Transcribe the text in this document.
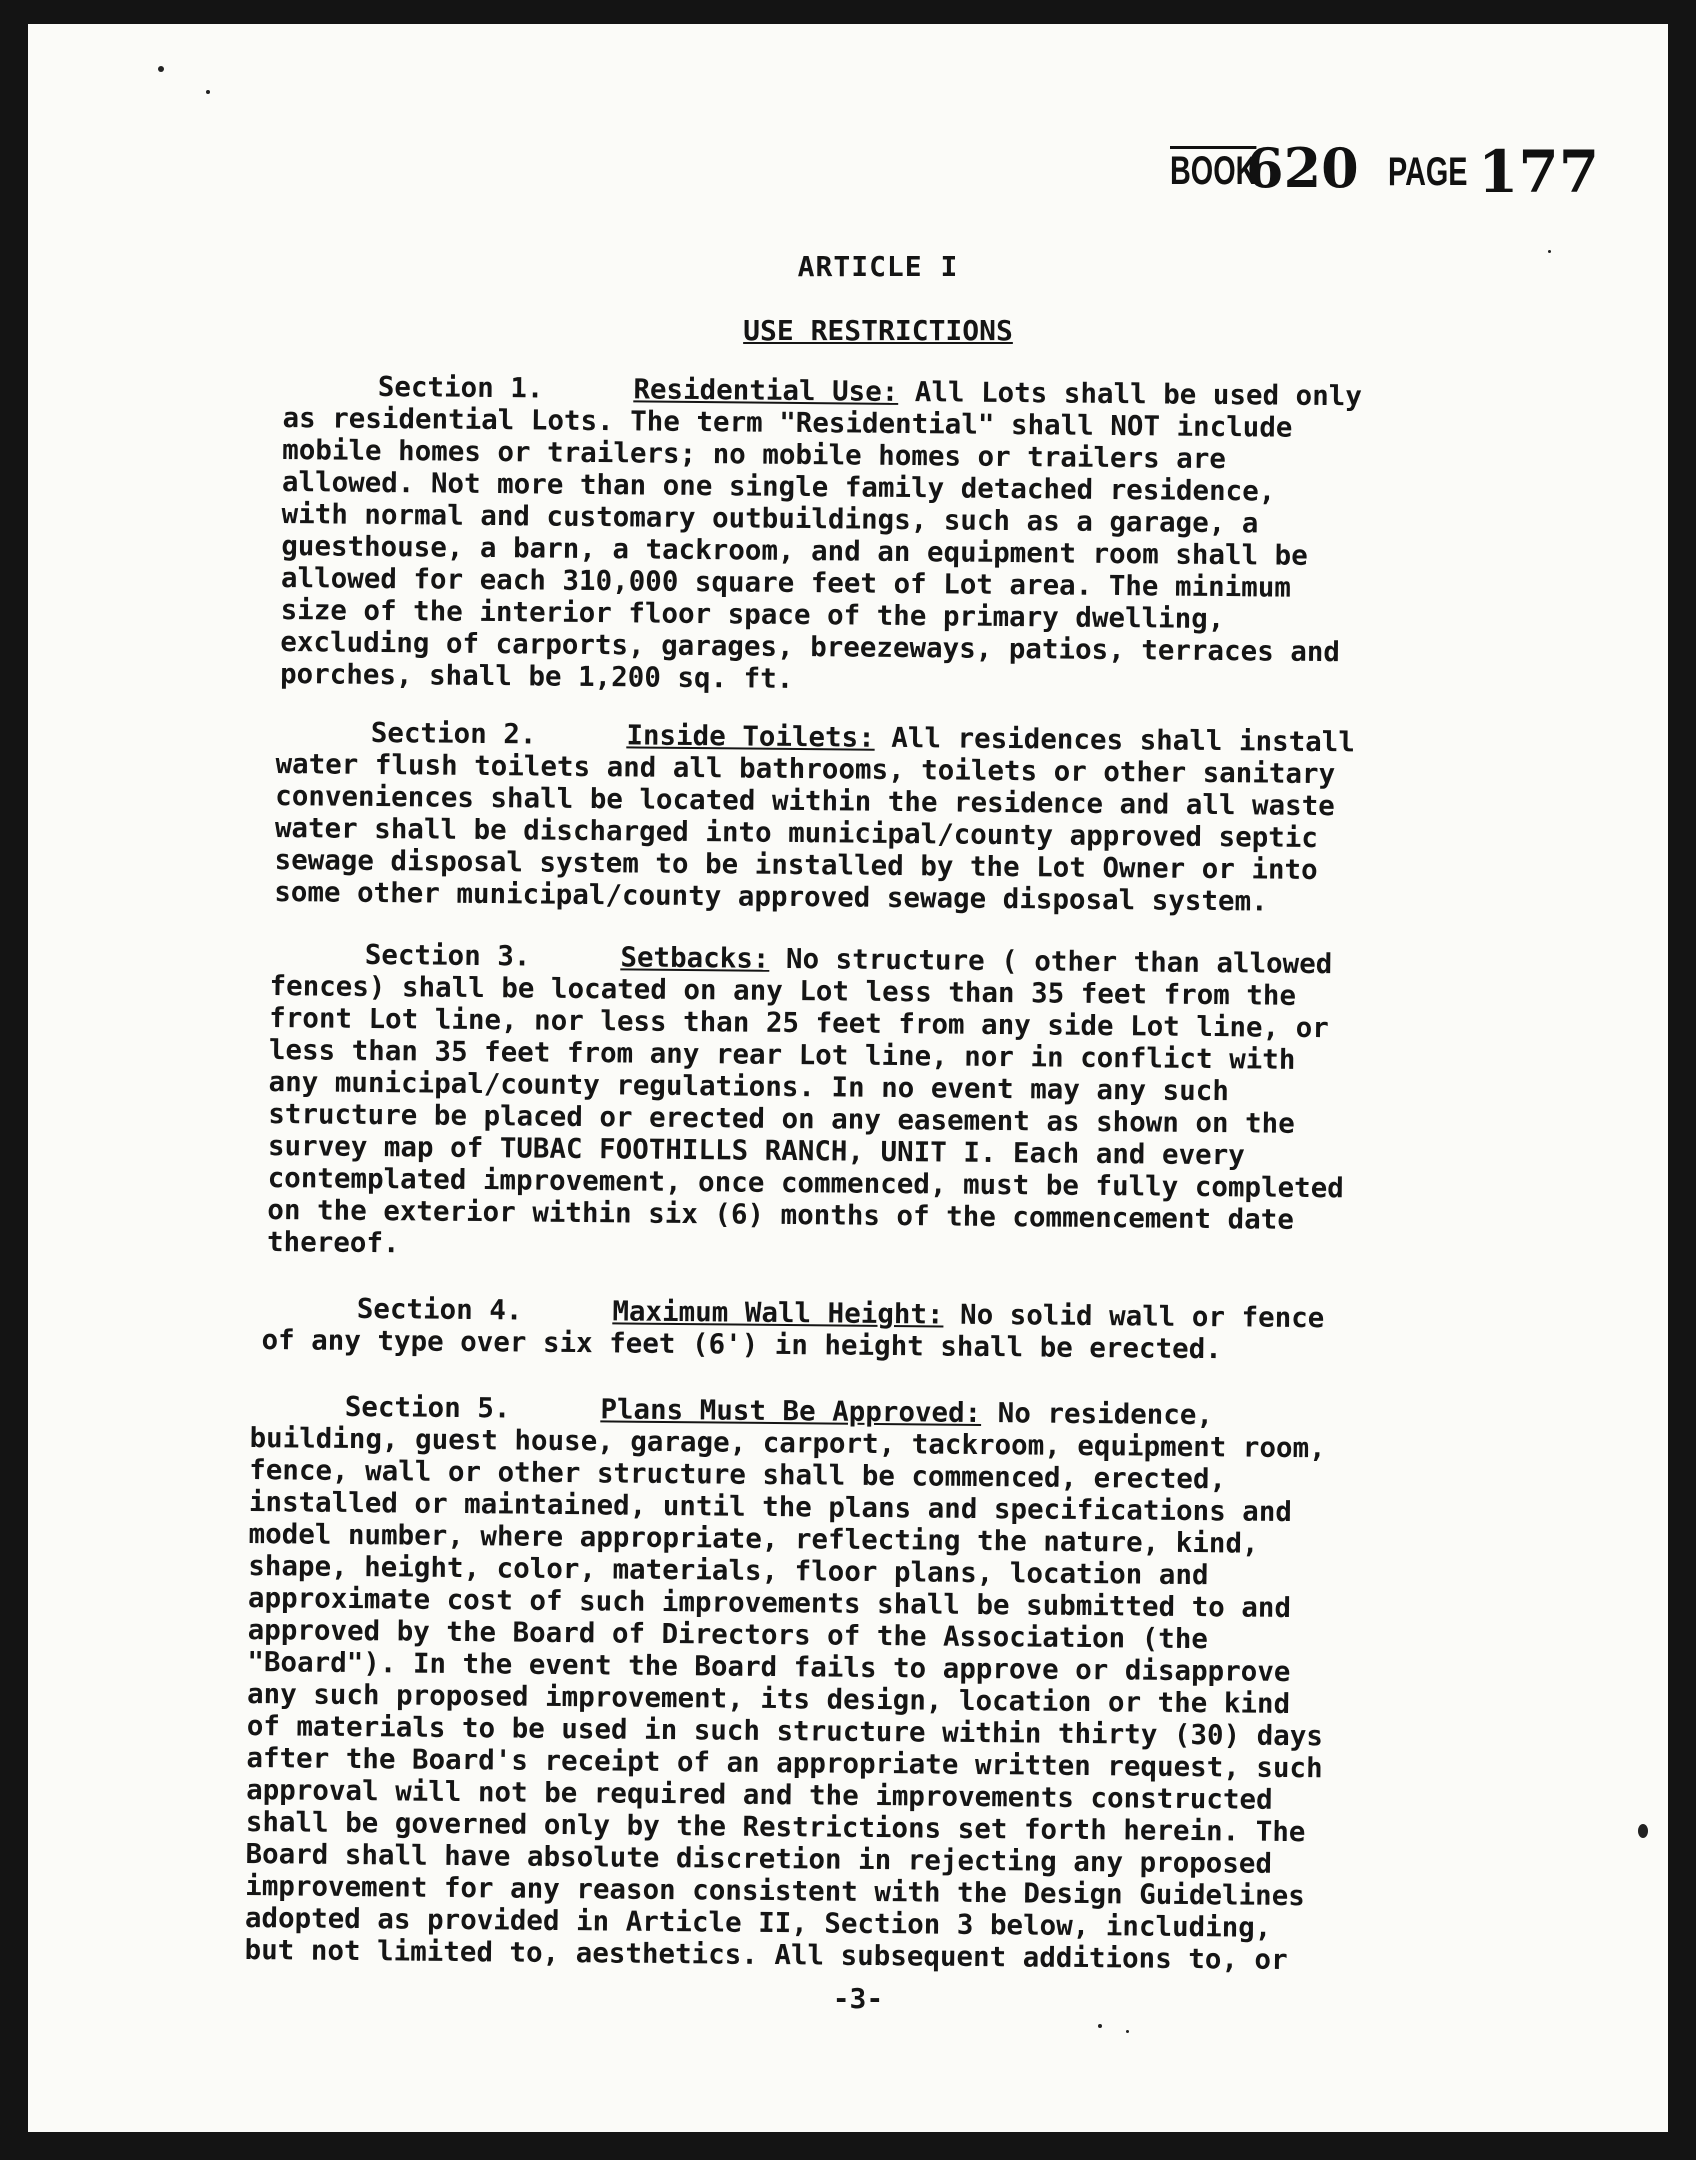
BOOK
620 PAGE 177
ARTICLE I
USE RESTRICTIONS
Section 1.	Residential Use: All Lots shall be used only
as residential Lots. The term "Residential" shall NOT include
mobile homes or trailers; no mobile homes or trailers are
allowed. Not more than one single family detached residence,
with normal and customary outbuildings, such as a garage, a
guesthouse, a barn, a tackroom, and an equipment room shall be
allowed for each 310,000 square feet of Lot area. The minimum
size of the interior floor space of the primary dwelling,
excluding of carports, garages, breezeways, patios, terraces and
porches, shall be 1,200 sq. ft.
Section 2.	Inside Toilets: All residences shall install
water flush toilets and all bathrooms, toilets or other sanitary
conveniences shall be located within the residence and all waste
water shall be discharged into municipal/county approved septic
sewage disposal system to be installed by the Lot Owner or into
some other municipal/county approved sewage disposal system.
Section 3.	Setbacks: No structure ( other than allowed
fences) shall be located on any Lot less than 35 feet from the
front Lot line, nor less than 25 feet from any side Lot line, or
less than 35 feet from any rear Lot line, nor in conflict with
any municipal/county regulations. In no event may any such
structure be placed or erected on any easement as shown on the
survey map of TUBAC FOOTHILLS RANCH, UNIT I. Each and every
contemplated improvement, once commenced, must be fully completed
on the exterior within six (6) months of the commencement date
thereof.
Section 4.	Maximum Wall Height: No solid wall or fence
of any type over six feet (6') in height shall be erected.
Section 5.	Plans Must Be Approved: No residence,
building, guest house, garage, carport, tackroom, equipment room,
fence, wall or other structure shall be commenced, erected,
installed or maintained, until the plans and specifications and
model number, where appropriate, reflecting the nature, kind,
shape, height, color, materials, floor plans, location and
approximate cost of such improvements shall be submitted to and
approved by the Board of Directors of the Association (the
"Board"). In the event the Board fails to approve or disapprove
any such proposed improvement, its design, location or the kind
of materials to be used in such structure within thirty (30) days
after the Board's receipt of an appropriate written request, such
approval will not be required and the improvements constructed
shall be governed only by the Restrictions set forth herein. The
Board shall have absolute discretion in rejecting any proposed
improvement for any reason consistent with the Design Guidelines
adopted as provided in Article II, Section 3 below, including,
but not limited to, aesthetics. All subsequent additions to, or
-3-
